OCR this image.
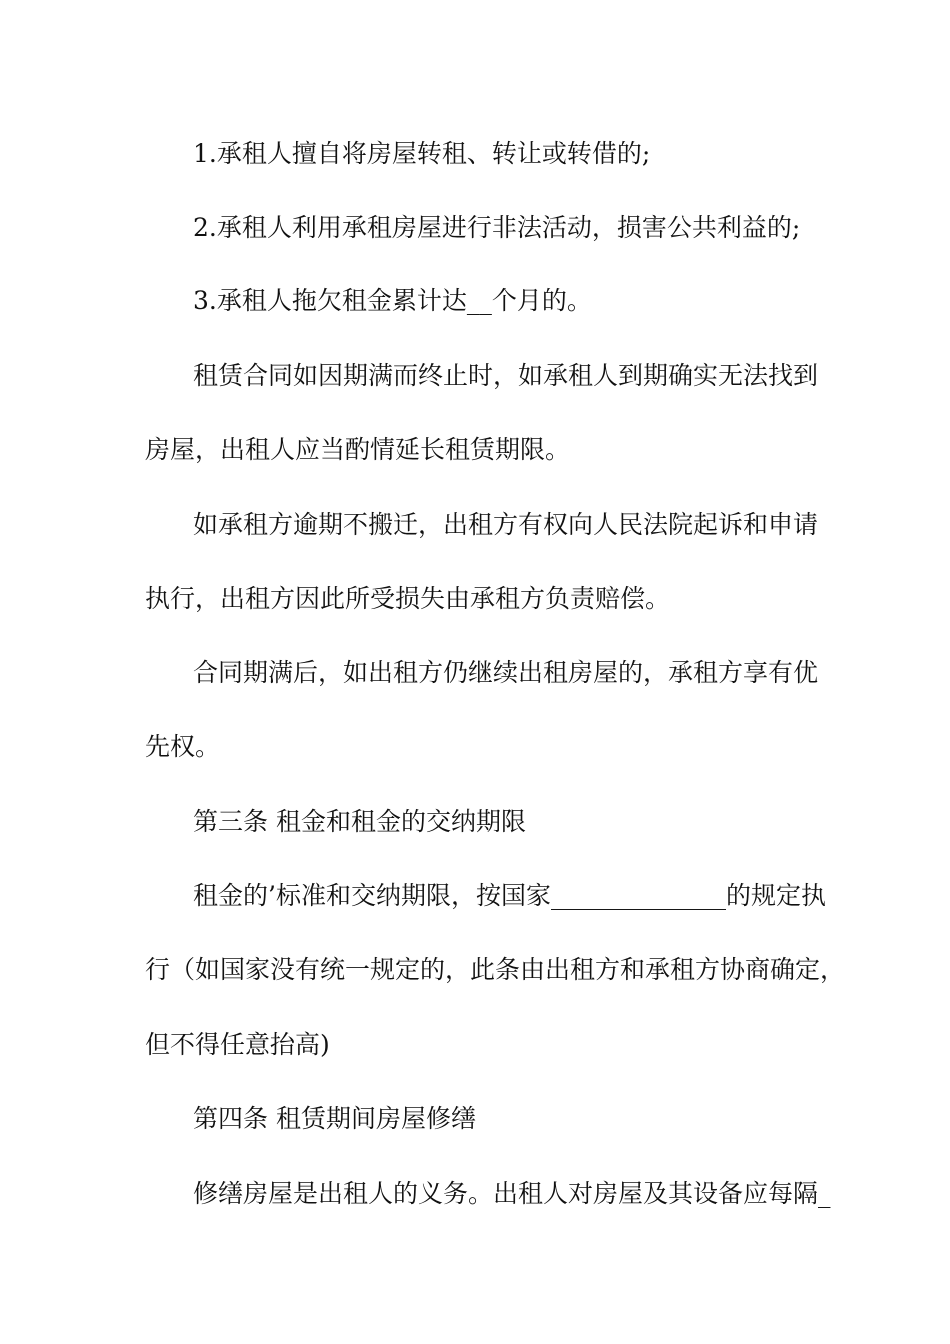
1.承租人擅自将房屋转租、转让或转借的;
2.承租人利用承租房屋进行非法活动，损害公共利益的;
3.承租人拖欠租金累计达__个月的。
租赁合同如因期满而终止时，如承租人到期确实无法找到
房屋，出租人应当酌情延长租赁期限。
如承租方逾期不搬迁，出租方有权向人民法院起诉和申请
执行，出租方因此所受损失由承租方负责赔偿。
合同期满后，如出租方仍继续出租房屋的，承租方享有优
先权。
第三条 租金和租金的交纳期限
租金的’标准和交纳期限，按国家______________的规定执
行（如国家没有统一规定的，此条由出租方和承租方协商确定，
但不得任意抬高)
第四条 租赁期间房屋修缮
修缮房屋是出租人的义务。出租人对房屋及其设备应每隔_
